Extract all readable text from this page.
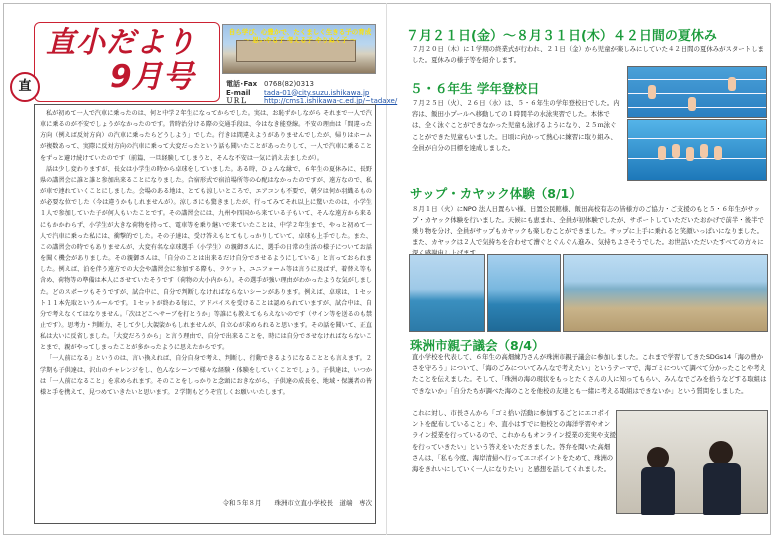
直小だより
9月号
直
自ら学び、心豊かで、たくましく生きる子の育成
～ 思いやる子 考える子 やりぬく子 ～
電話･Fax 0768(82)0313
E-mail tada-01@city.suzu.ishikawa.jp
ＵＲＬ http://cms1.ishikawa-c.ed.jp/~tadaxe/

私が初めて一人で汽車に乗ったのは、何と中学２年生になってからでした。実は、お恥ずかしながら それまで一人で汽車に乗るのが不安でしょうがなかったのです。昔時治分ける際の交通手段は、今はなき能登線。不安の理由は「間違った方向（例えば反対方向）の汽車に乗ったらどうしよう」でした。行きは間違えようがありませんでしたが、帰りはホームが複数あって、実際に反対方向の汽車に乗って大変だったという話も聞いたことがあったりして、一人で汽車に乗ることをずっと避け続けていたのです（前篇、一旦経験してしまうと、そんな不安は一気に消え去ましたが）。

話は少し変わりますが、長女は小学生の時から卓球をしていました。ある時、ひょんな縁で、６年生の夏休みに、長野県の講習会に誰と誰と参加出来ることになりました。合宿形式で宿泊場所等の心配はなかったのですが、遠方なので、私が車で連れていくことにしました。会場のある地は、とても涼しいところで、エアコンも不要で、朝夕は何か羽織るものが必要な位でした（今は違うかもしれませんが）。涼しさにも驚きましたが、行ってみてそれ以上に驚いたのは、小学生１人で参加していた子が何人もいたことです。その講習会には、九州や四国から来ている子もいて、そんな遠方から来るにもかかわらず、小学生が大きな荷物を持って、電車等を乗り継いで来ていたことは、中学２年生まで、やっと初めて一人で汽車に乗った私には、衝撃的でした。その子達は、受け答えもとてもしっかりしていて、卓球も上手でした。また、この講習会の時でもありませんが、大変有名な卓球選手（小学生）の親御さんに、選手の日常の生活の様子についてお話を聞く機会がありました。その親御さんは、「自分のことは出来るだけ自分でさせるようにしている」と言っておられました。例えば、泊を伴う遠方での大会や講習会に参加する際も、ラケット、ユニフォーム等は言うに及ばず、着替え等も含め、荷物等の準備は本人にさせていたそうです（荷物の大小内から）。その選手が強い理由がわかったような気がしました。どのスポーツもそうですが、試合中に、自分で判断しなければならないシーンがあります。例えば、卓球は、１セット１１本先取というルールです。１セットが終わる毎に、アドバイスを受けることは認められていますが、試合中は、自分で考えなくてはなりません。「次はどこへサーブを打とうか」等誰にも教えてもらえないのです（サイン等を送るのも禁止です）。思考力・判断力、そして少し大袈裟かもしれませんが、自立心が求められると思います。その話を聞いて、正直私は大いに反省しました。「大変だろうから」と言う理由で、自分で出来ることを、時には自分でさせなければならないことまで、親がやってしまったことが多かったように思えたからです。

「一人前になる」というのは、言い換えれば、自分自身で考え、判断し、行動できるようになることとも言えます。２学期も子供達は、沢山のチャレンジをし、色んなシーンで様々な経験・体験をしていくことでしょう。子供達は、いつかは「一人前になること」を求められます。そのことをしっかりと念頭におきながら、子供達の成長を、地域・保護者の皆様と手を携えて、見つめていきたいと思います。２学期もどうぞ宜しくお願いいたします。

令和５年８月　　珠洲市立直小学校長　道端　専次
７月２１日(金）～８月３１日(木）４２日間の夏休み
７月２０日（木）に１学期の終業式が行われ、２１日（金）から児童が楽しみにしていた４２日間の夏休みがスタートしました。夏休みの様子等を紹介します。
５・６年生 学年登校日
７月２５日（火）、２６日（水）は、５・６年生の学年登校日でした。内容は、飯田小プールへ移動しての１時間半の水泳実習でした。本体では、全く泳ぐことができなかった児童も泳げるようになり、２５ｍ泳ぐことができた児童もいました。日頃に向かって熱心に練習に取り組み、全員が自分の目標を達成しました。
サップ・カヤック体験（8/1）
８月１日（火）にNPO 法人日置らい様、日置公民館様、飯田高校有志の皆様方のご協力・ご支援のもと５・６年生がサップ・カヤック体験を行いました。天候にも恵まれ、全員が初体験でしたが、サポートしていただいたおかげで前半・後半で乗り物を分け、全員がサップもカヤックも楽しむことができました。サップに上手に乗れると笑顔いっぱいになりました。また、カヤックは２人で気持ちを合わせて漕ぐとぐんぐん進み、気持ちよさそうでした。お世話いただいたすべての方々に
珠洲市親子議会（8/4）
直小学校を代表して、６年生の高畑練乃さんが珠洲市親子議会に参加しました。これまで学習してきたSDGs14「海の豊かさを守ろう」について、「海のごみについてみんなで考えたい」というテーマで、海ゴミについて調べて分かったことや考えたことを伝えました。そして、「珠洲の海の現状をもっとたくさんの人に知ってもらい、みんなでごみを拾うなどする取組はできないか」「自分たちが調べた海のことを他校の友達とも一緒に考える取組はできないか」という質問をしました。
これに対し、市長さんから「ゴミ拾い活動に参加するごとにエコポイントを配布していること」や、直小はすでに他校との海洋学習やオンライン授業を行っているので、これからもオンライン授業の充実や支援を行っていきたい」という答えをいただきました。答弁を聞いた高畑さんは、「私も今度、海岸清掃へ行ってエコポイントをためて、珠洲の海をきれいにしていく一人になりたい」と感想を話してくれました。
